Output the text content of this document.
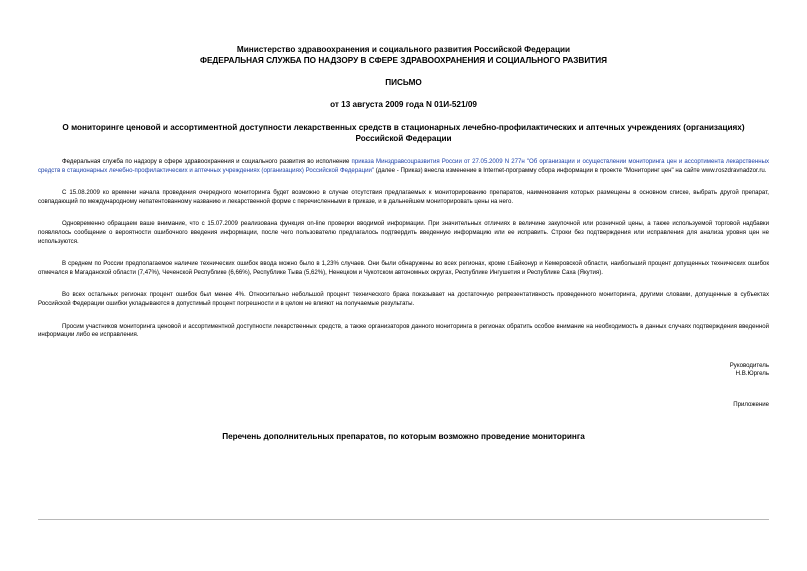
Министерство здравоохранения и социального развития Российской Федерации
ФЕДЕРАЛЬНАЯ СЛУЖБА ПО НАДЗОРУ В СФЕРЕ ЗДРАВООХРАНЕНИЯ И СОЦИАЛЬНОГО РАЗВИТИЯ
ПИСЬМО
от 13 августа 2009 года N 01И-521/09
О мониторинге ценовой и ассортиментной доступности лекарственных средств в стационарных лечебно-профилактических и аптечных учреждениях (организациях) Российской Федерации

Федеральная служба по надзору в сфере здравоохранения и социального развития во исполнение приказа Минздравсоцразвития России от 27.05.2009 N 277н "Об организации и осуществлении мониторинга цен и ассортимента лекарственных средств в стационарных лечебно-профилактических и аптечных учреждениях (организациях) Российской Федерации" (далее - Приказ) внесла изменение в Internet-программу сбора информации в проекте "Мониторинг цен" на сайте www.roszdravnadzor.ru.

С 15.08.2009 ко времени начала проведения очередного мониторинга будет возможно в случае отсутствия предлагаемых к мониторированию препаратов, наименования которых размещены в основном списке, выбрать другой препарат, совпадающий по международному непатентованному названию и лекарственной форме с перечисленными в приказе, и в дальнейшем мониторировать цены на него.

Одновременно обращаем ваше внимание, что с 15.07.2009 реализована функция on-line проверки вводимой информации. При значительных отличиях в величине закупочной или розничной цены, а также используемой торговой надбавки появлялось сообщение о вероятности ошибочного введения информации, после чего пользователю предлагалось подтвердить введенную информацию или ее исправить. Строки без подтверждения или исправления для анализа уровня цен не используются.

В среднем по России предполагаемое наличие технических ошибок ввода можно было в 1,23% случаев. Они были обнаружены во всех регионах, кроме г.Байконур и Кемеровской области, наибольший процент допущенных технических ошибок отмечался в Магаданской области (7,47%), Чеченской Республике (6,66%), Республике Тыва (5,62%), Ненецком и Чукотском автономных округах, Республике Ингушетия и Республике Саха (Якутия).

Во всех остальных регионах процент ошибок был менее 4%. Относительно небольшой процент технического брака показывает на достаточную репрезентативность проведенного мониторинга, другими словами, допущенные в субъектах Российской Федерации ошибки укладываются в допустимый процент погрешности и в целом не влияют на получаемые результаты.

Просим участников мониторинга ценовой и ассортиментной доступности лекарственных средств, а также организаторов данного мониторинга в регионах обратить особое внимание на необходимость в данных случаях подтверждения введенной информации либо ее исправления.

Руководитель
Н.В.Юргель
Приложение
Перечень дополнительных препаратов, по которым возможно проведение мониторинга
